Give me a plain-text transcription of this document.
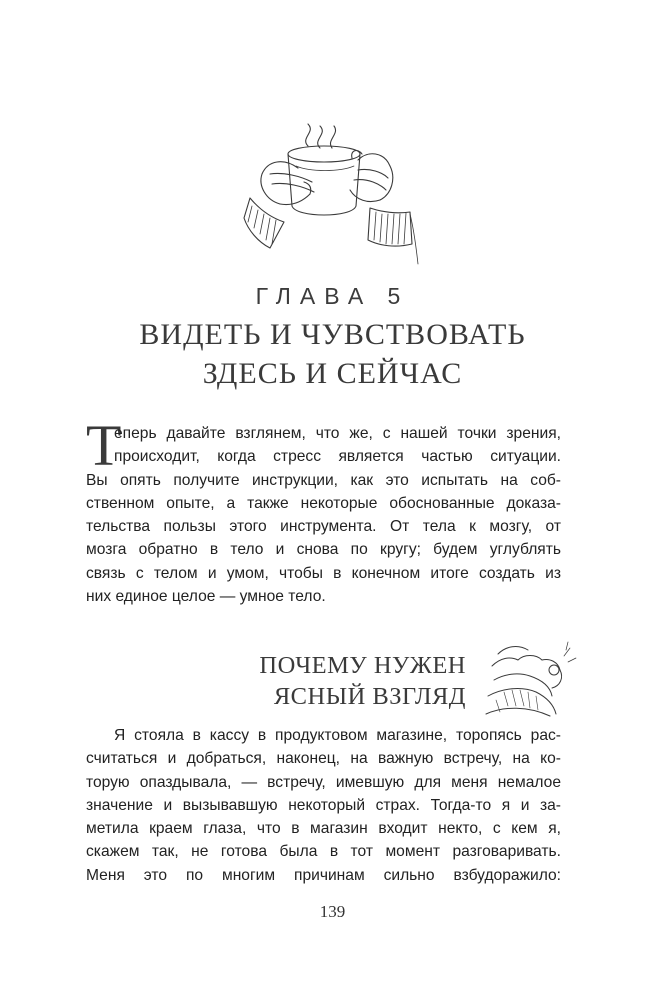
ГЛАВА 5
ВИДЕТЬ И ЧУВСТВОВАТЬ
ЗДЕСЬ И СЕЙЧАС
Т
еперь давайте взглянем, что же, с нашей точки зрения,
происходит, когда стресс является частью ситуации.
Вы опять получите инструкции, как это испытать на соб-
ственном опыте, а также некоторые обоснованные доказа-
тельства пользы этого инструмента. От тела к мозгу, от
мозга обратно в тело и снова по кругу; будем углублять
связь с телом и умом, чтобы в конечном итоге создать из
них единое целое — умное тело.
ПОЧЕМУ НУЖЕН
ЯСНЫЙ ВЗГЛЯД
Я стояла в кассу в продуктовом магазине, торопясь рас-
считаться и добраться, наконец, на важную встречу, на ко-
торую опаздывала, — встречу, имевшую для меня немалое
значение и вызывавшую некоторый страх. Тогда-то я и за-
метила краем глаза, что в магазин входит некто, с кем я,
скажем так, не готова была в тот момент разговаривать.
Меня это по многим причинам сильно взбудоражило:
139
